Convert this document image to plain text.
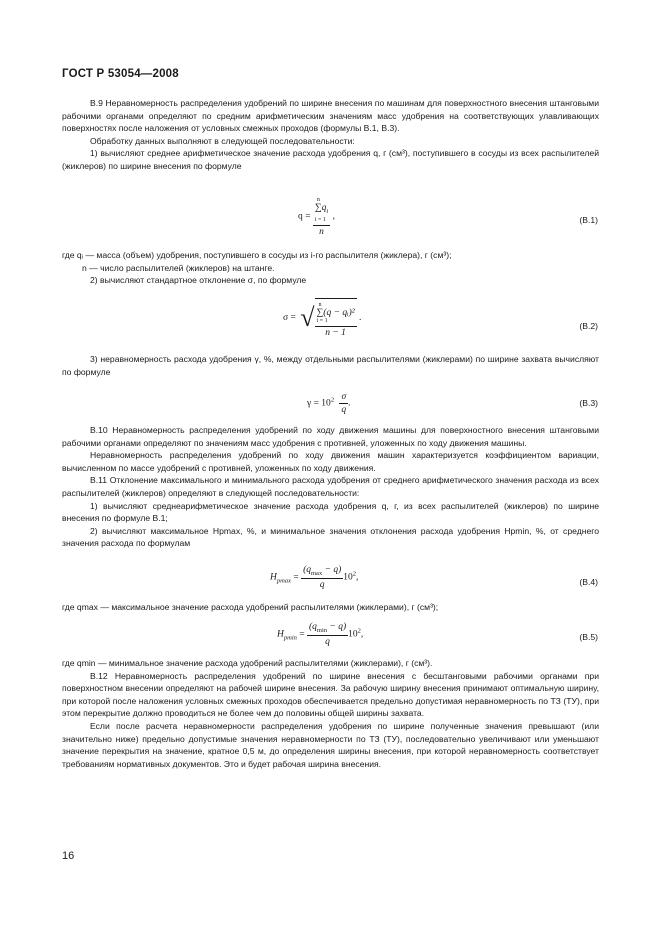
ГОСТ Р 53054—2008

В.9 Неравномерность распределения удобрений по ширине внесения по машинам для поверхностного внесения штанговыми рабочими органами определяют по средним арифметическим значениям масс удобрения на соответствующих улавливающих поверхностях после наложения от условных смежных проходов (формулы В.1, В.3).

Обработку данных выполняют в следующей последовательности:

1) вычисляют среднее арифметическое значение расхода удобрения q, г (см³), поступившего в сосуды из всех распылителей (жиклеров) по ширине внесения по формуле

q = n
$\sum q_i$
i = 1
n ,	(В.1)

где qᵢ — масса (объем) удобрения, поступившего в сосуды из i-го распылителя (жиклера), г (см³);

n — число распылителей (жиклеров) на штанге.

2) вычисляют стандартное отклонение σ, по формуле

σ = √ n
∑(q − qᵢ)²
i = 1
n − 1 .
(В.2)

3) неравномерность расхода удобрения γ, %, между отдельными распылителями (жиклерами) по ширине захвата вычисляют по формуле

$\gamma = 10^2 \frac{\sigma}{q}$ .	(В.3)

В.10 Неравномерность распределения удобрений по ходу движения машины для поверхностного внесения штанговыми рабочими органами определяют по значениям масс удобрения с противней, уложенных по ходу движения машины.

Неравномерность распределения удобрений по ходу движения машин характеризуется коэффициентом вариации, вычисленном по массе удобрений с противней, уложенных по ходу движения.

В.11 Отклонение максимального и минимального расхода удобрения от среднего арифметического значения расхода из всех распылителей (жиклеров) определяют в следующей последовательности:

1) вычисляют среднеарифметическое значение расхода удобрения q, г, из всех распылителей (жиклеров) по ширине внесения по формуле В.1;

2) вычисляют максимальное Hpmax, %, и минимальное значения отклонения расхода удобрения Hpmin, %, от среднего значения расхода по формулам

$H_{pmax} = \frac{(q_{max} - q)}{q} 10^2$,	(В.4)

где qmax — максимальное значение расхода удобрений распылителями (жиклерами), г (см³);

$H_{pmin} = \frac{(q_{min} - q)}{q} 10^2$,	(В.5)

где qmin — минимальное значение расхода удобрений распылителями (жиклерами), г (см³).

В.12 Неравномерность распределения удобрений по ширине внесения с бесштанговыми рабочими органами при поверхностном внесении определяют на рабочей ширине внесения. За рабочую ширину внесения принимают оптимальную ширину, при которой после наложения условных смежных проходов обеспечивается предельно допустимая неравномерность по ТЗ (ТУ), при этом перекрытие должно проводиться не более чем до половины общей ширины захвата.

Если после расчета неравномерности распределения удобрения по ширине полученные значения превышают (или значительно ниже) предельно допустимые значения неравномерности по ТЗ (ТУ), последовательно увеличивают или уменьшают значение перекрытия на значение, кратное 0,5 м, до определения ширины внесения, при которой неравномерность соответствует требованиям нормативных документов. Это и будет рабочая ширина внесения.

16
